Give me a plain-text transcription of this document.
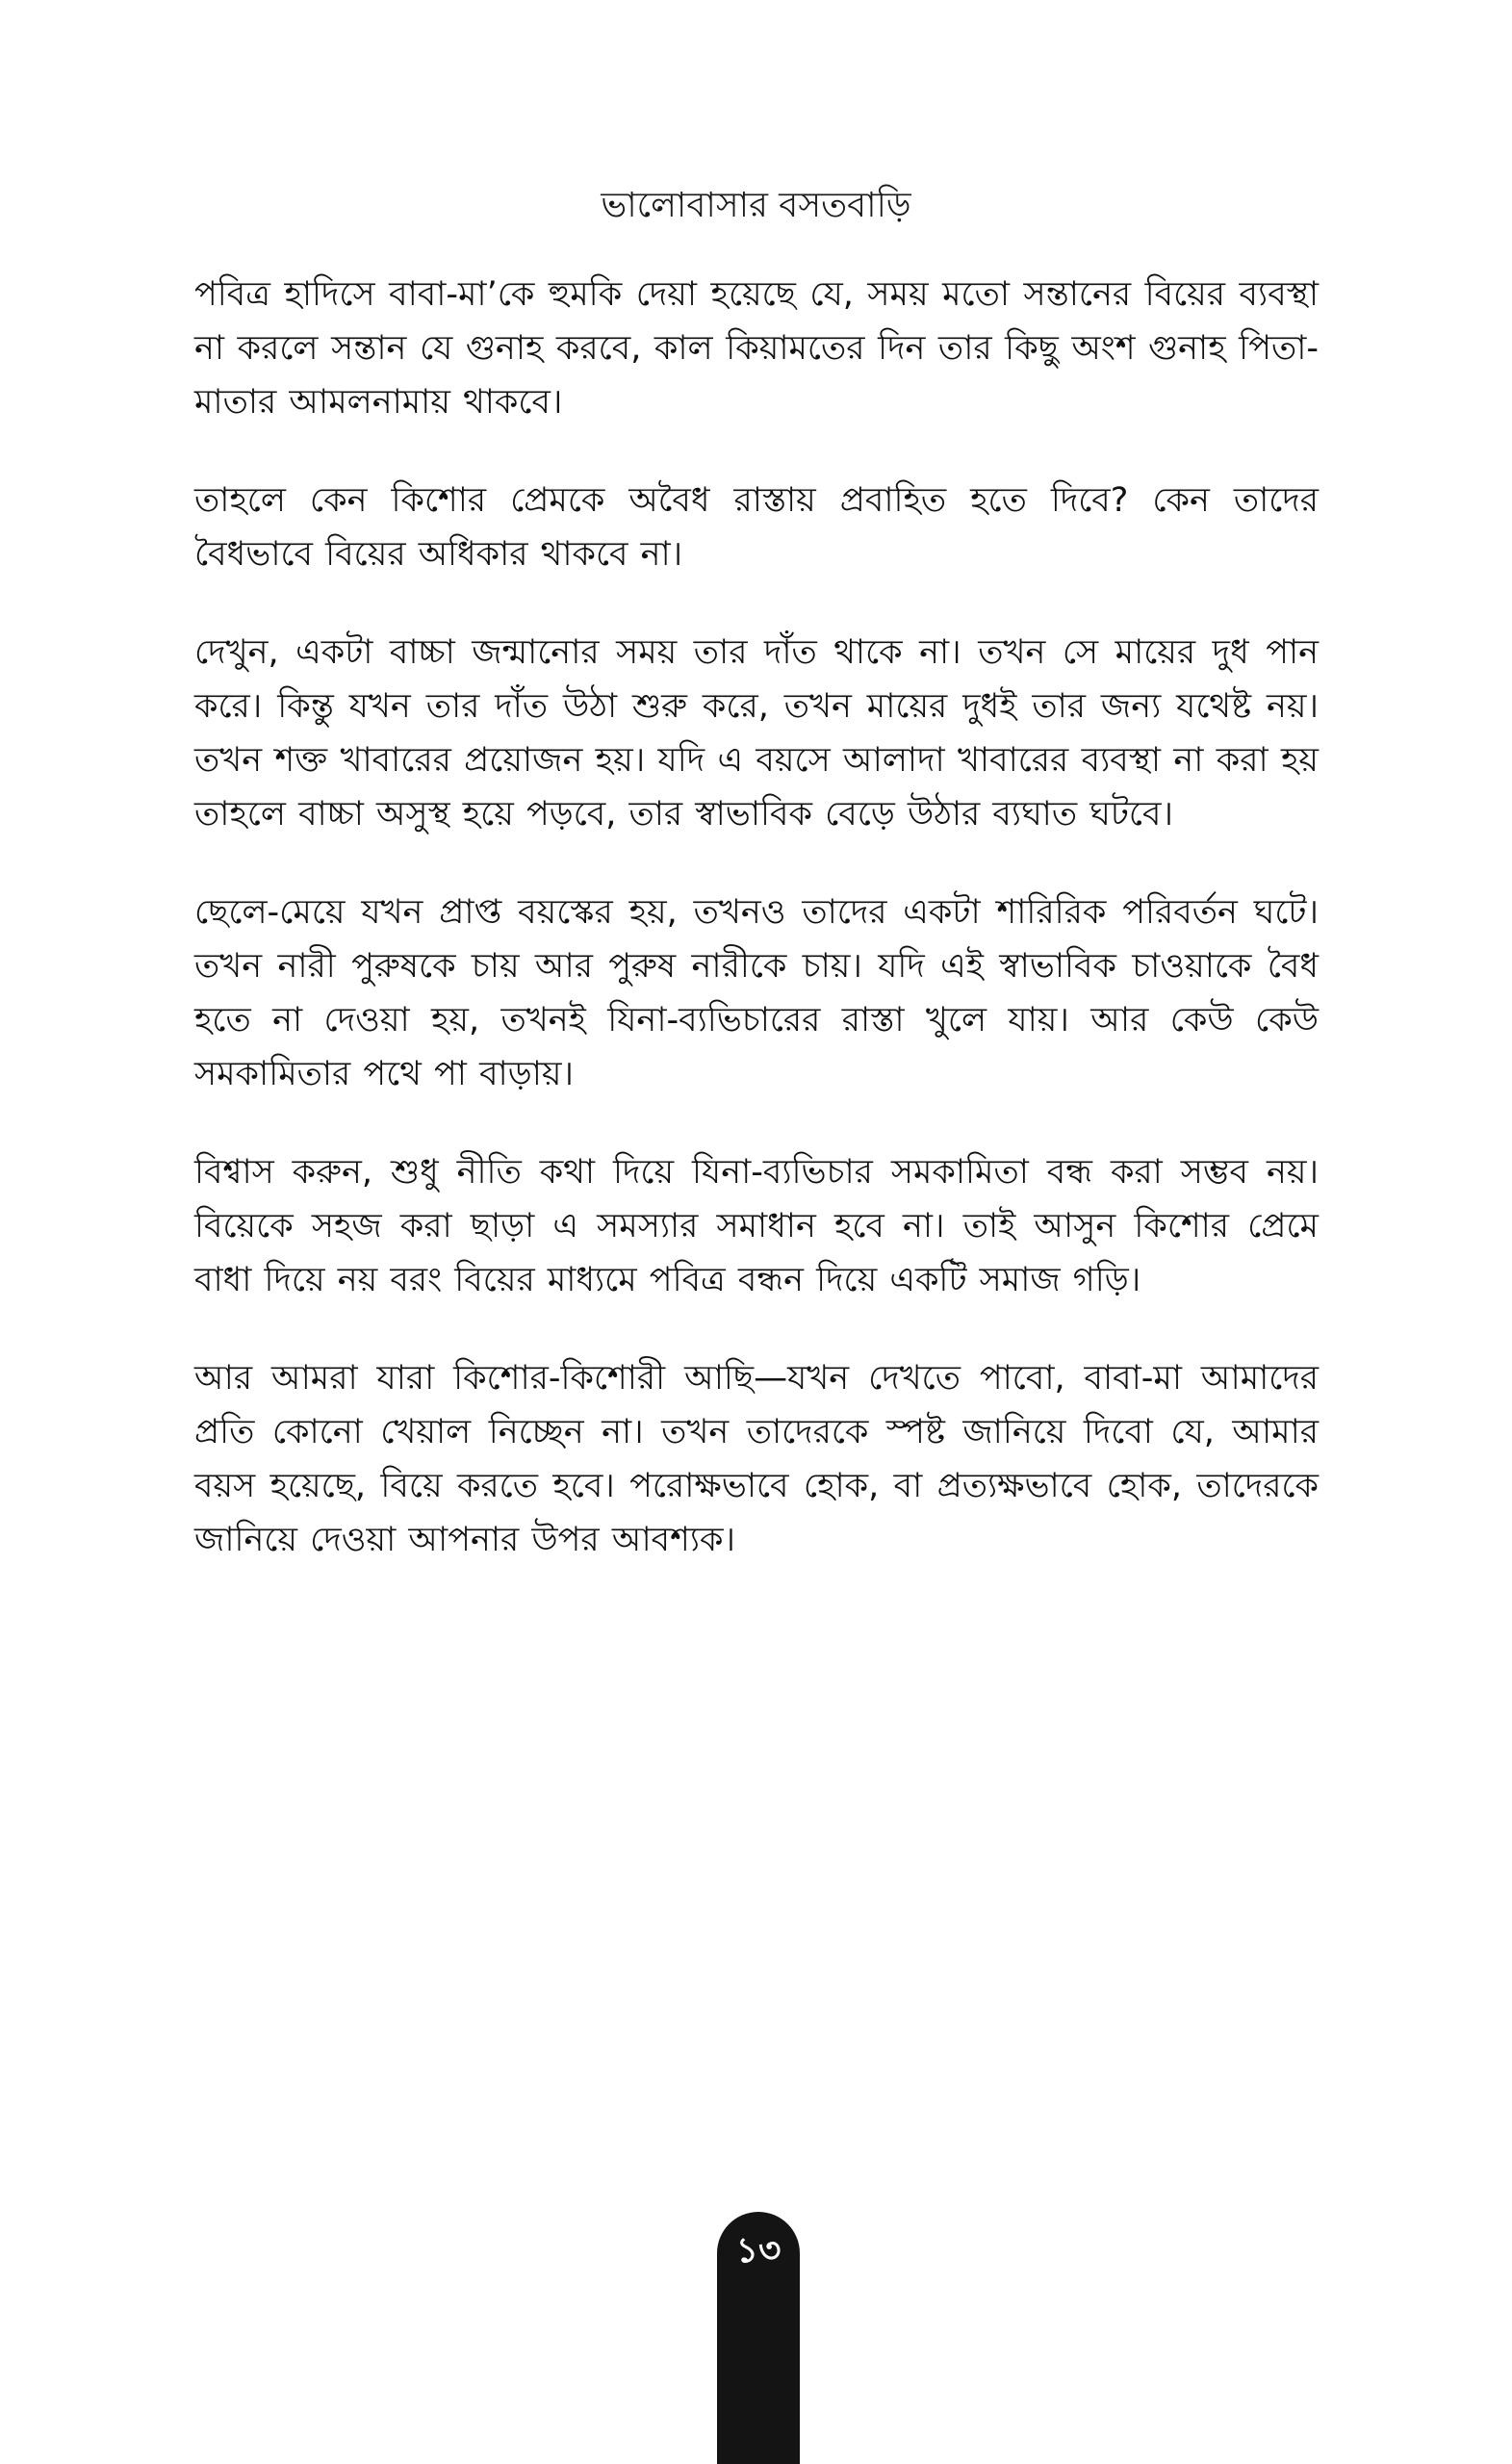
ভালোবাসার বসতবাড়ি

পবিত্র হাদিসে বাবা-মা’কে হুমকি দেয়া হয়েছে যে, সময় মতো সন্তানের বিয়ের ব্যবস্থা না করলে সন্তান যে গুনাহ করবে, কাল কিয়ামতের দিন তার কিছু অংশ গুনাহ পিতা-মাতার আমলনামায় থাকবে।

তাহলে কেন কিশোর প্রেমকে অবৈধ রাস্তায় প্রবাহিত হতে দিবে? কেন তাদের বৈধভাবে বিয়ের অধিকার থাকবে না।

দেখুন, একটা বাচ্চা জন্মানোর সময় তার দাঁত থাকে না। তখন সে মায়ের দুধ পান করে। কিন্তু যখন তার দাঁত উঠা শুরু করে, তখন মায়ের দুধই তার জন্য যথেষ্ট নয়। তখন শক্ত খাবারের প্রয়োজন হয়। যদি এ বয়সে আলাদা খাবারের ব্যবস্থা না করা হয় তাহলে বাচ্চা অসুস্থ হয়ে পড়বে, তার স্বাভাবিক বেড়ে উঠার ব্যঘাত ঘটবে।

ছেলে-মেয়ে যখন প্রাপ্ত বয়স্কের হয়, তখনও তাদের একটা শারিরিক পরিবর্তন ঘটে। তখন নারী পুরুষকে চায় আর পুরুষ নারীকে চায়। যদি এই স্বাভাবিক চাওয়াকে বৈধ হতে না দেওয়া হয়, তখনই যিনা-ব্যভিচারের রাস্তা খুলে যায়। আর কেউ কেউ সমকামিতার পথে পা বাড়ায়।

বিশ্বাস করুন, শুধু নীতি কথা দিয়ে যিনা-ব্যভিচার সমকামিতা বন্ধ করা সম্ভব নয়। বিয়েকে সহজ করা ছাড়া এ সমস্যার সমাধান হবে না। তাই আসুন কিশোর প্রেমে বাধা দিয়ে নয় বরং বিয়ের মাধ্যমে পবিত্র বন্ধন দিয়ে একটি সমাজ গড়ি।

আর আমরা যারা কিশোর-কিশোরী আছি—যখন দেখতে পাবো, বাবা-মা আমাদের প্রতি কোনো খেয়াল নিচ্ছেন না। তখন তাদেরকে স্পষ্ট জানিয়ে দিবো যে, আমার বয়স হয়েছে, বিয়ে করতে হবে। পরোক্ষভাবে হোক, বা প্রত্যক্ষভাবে হোক, তাদেরকে জানিয়ে দেওয়া আপনার উপর আবশ্যক।

১৩
